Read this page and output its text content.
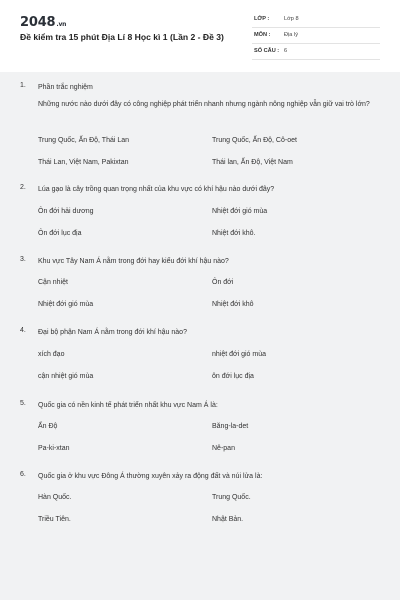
2048.vn
Đề kiểm tra 15 phút Địa Lí 8 Học kì 1 (Lần 2 - Đề 3)
LỚP :	Lớp 8
MÔN : Địa lý
SỐ CÂU : 6
1. Phần trắc nghiệm
Những nước nào dưới đây có công nghiệp phát triển nhanh nhưng ngành nông nghiệp vẫn giữ vai trò lớn?
Trung Quốc, Ấn Độ, Thái Lan	Trung Quốc, Ấn Độ, Cô-oet
Thái Lan, Việt Nam, Pakixtan	Thái lan, Ấn Độ, Việt Nam
2. Lúa gạo là cây trồng quan trọng nhất của khu vực có khí hậu nào dưới đây?
Ôn đới hải dương	Nhiệt đới gió mùa
Ôn đới lục địa	Nhiệt đới khô.
3. Khu vực Tây Nam Á nằm trong đới hay kiểu đới khí hậu nào?
Cận nhiệt	Ôn đới
Nhiệt đới gió mùa	Nhiệt đới khô
4. Đại bộ phận Nam Á nằm trong đới khí hậu nào?
xích đạo	nhiệt đới gió mùa
cận nhiệt gió mùa	ôn đới lục địa
5. Quốc gia có nền kinh tế phát triển nhất khu vực Nam Á là:
Ấn Độ	Băng-la-det
Pa-ki-xtan	Nê-pan
6. Quốc gia ở khu vực Đông Á thường xuyên xảy ra động đất và núi lửa là:
Hàn Quốc.	Trung Quốc.
Triều Tiên.	Nhật Bản.
